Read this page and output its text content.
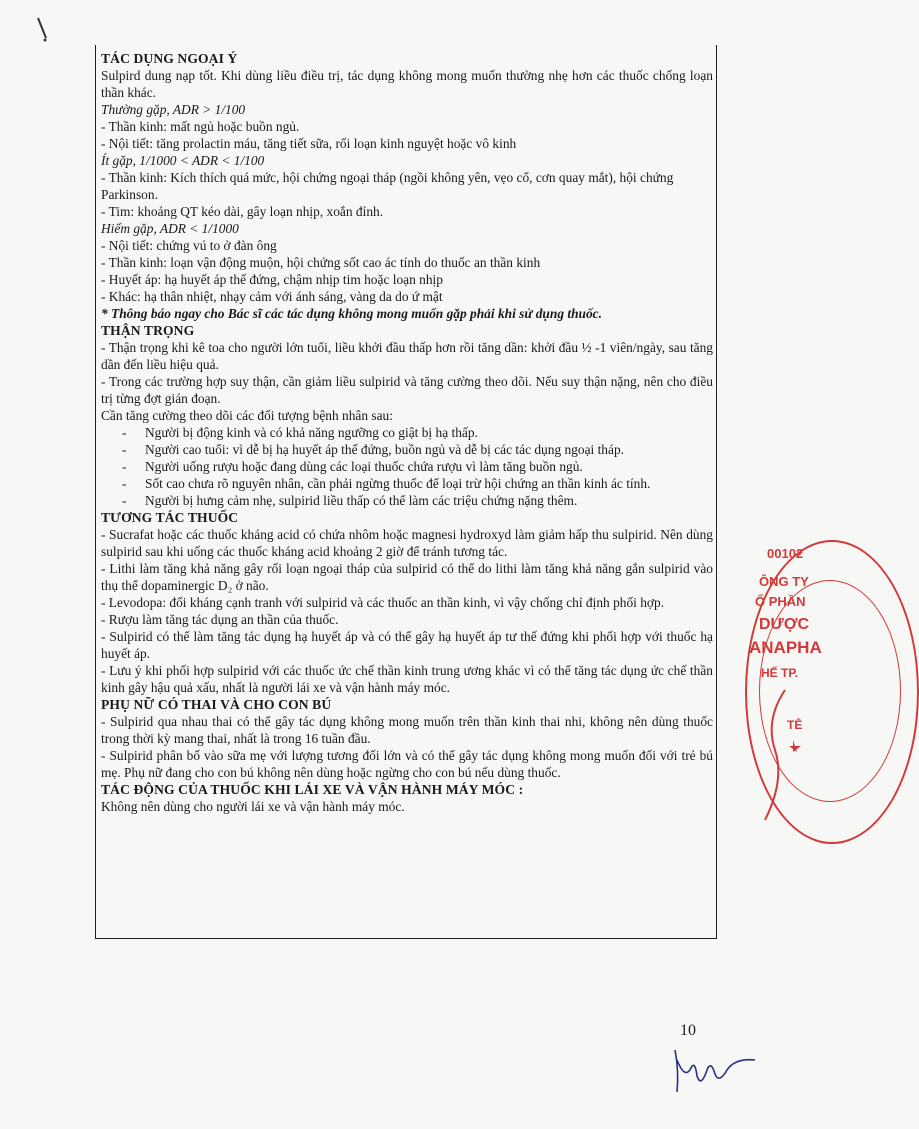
TÁC DỤNG NGOẠI Ý

Sulpird dung nạp tốt. Khi dùng liều điều trị, tác dụng không mong muốn thường nhẹ hơn các thuốc chống loạn thần khác.

Thường gặp, ADR > 1/100

- Thần kinh: mất ngủ hoặc buồn ngủ.

- Nội tiết: tăng prolactin máu, tăng tiết sữa, rối loạn kinh nguyệt hoặc vô kinh

Ít gặp, 1/1000 < ADR < 1/100

- Thần kinh: Kích thích quá mức, hội chứng ngoại tháp (ngồi không yên, vẹo cổ, cơn quay mắt), hội chứng Parkinson.

- Tim: khoảng QT kéo dài, gây loạn nhịp, xoắn đỉnh.

Hiếm gặp, ADR < 1/1000

- Nội tiết: chứng vú to ở đàn ông

- Thần kinh: loạn vận động muộn, hội chứng sốt cao ác tính do thuốc an thần kinh

- Huyết áp: hạ huyết áp thế đứng, chậm nhịp tim hoặc loạn nhịp

- Khác: hạ thân nhiệt, nhạy cảm với ánh sáng, vàng da do ứ mật

* Thông báo ngay cho Bác sĩ các tác dụng không mong muốn gặp phải khi sử dụng thuốc.

THẬN TRỌNG

- Thận trọng khi kê toa cho người lớn tuổi, liều khởi đầu thấp hơn rồi tăng dần: khởi đầu ½ -1 viên/ngày, sau tăng dần đến liều hiệu quả.

- Trong các trường hợp suy thận, cần giảm liều sulpirid và tăng cường theo dõi. Nếu suy thận nặng, nên cho điều trị từng đợt gián đoạn.

Cần tăng cường theo dõi các đối tượng bệnh nhân sau:

- Người bị động kinh và có khả năng ngưỡng co giật bị hạ thấp.
- Người cao tuổi: vì dễ bị hạ huyết áp thế đứng, buồn ngủ và dễ bị các tác dụng ngoại tháp.
- Người uống rượu hoặc đang dùng các loại thuốc chứa rượu vì làm tăng buồn ngủ.
- Sốt cao chưa rõ nguyên nhân, cần phải ngừng thuốc để loại trừ hội chứng an thần kinh ác tính.
- Người bị hưng cảm nhẹ, sulpirid liều thấp có thể làm các triệu chứng nặng thêm.
TƯƠNG TÁC THUỐC

- Sucrafat hoặc các thuốc kháng acid có chứa nhôm hoặc magnesi hydroxyd làm giảm hấp thu sulpirid. Nên dùng sulpirid sau khi uống các thuốc kháng acid khoảng 2 giờ để tránh tương tác.

- Lithi làm tăng khả năng gây rối loạn ngoại tháp của sulpirid có thể do lithi làm tăng khả năng gắn sulpirid vào thụ thể dopaminergic D₂ ở não.

- Levodopa: đối kháng cạnh tranh với sulpirid và các thuốc an thần kinh, vì vậy chống chỉ định phối hợp.

- Rượu làm tăng tác dụng an thần của thuốc.

- Sulpirid có thể làm tăng tác dụng hạ huyết áp và có thể gây hạ huyết áp tư thế đứng khi phối hợp với thuốc hạ huyết áp.

- Lưu ý khi phối hợp sulpirid với các thuốc ức chế thần kinh trung ương khác vì có thể tăng tác dụng ức chế thần kinh gây hậu quả xấu, nhất là người lái xe và vận hành máy móc.

PHỤ NỮ CÓ THAI VÀ CHO CON BÚ

- Sulpirid qua nhau thai có thể gây tác dụng không mong muốn trên thần kinh thai nhi, không nên dùng thuốc trong thời kỳ mang thai, nhất là trong 16 tuần đầu.

- Sulpirid phân bố vào sữa mẹ với lượng tương đối lớn và có thể gây tác dụng không mong muốn đối với trẻ bú mẹ. Phụ nữ đang cho con bú không nên dùng hoặc ngừng cho con bú nếu dùng thuốc.

TÁC ĐỘNG CỦA THUỐC KHI LÁI XE VÀ VẬN HÀNH MÁY MÓC :

Không nên dùng cho người lái xe và vận hành máy móc.

00102
ÔNG TY
Ổ PHẦN
DƯỢC
ANAPHA
HẾ TP.
TÊ
10
